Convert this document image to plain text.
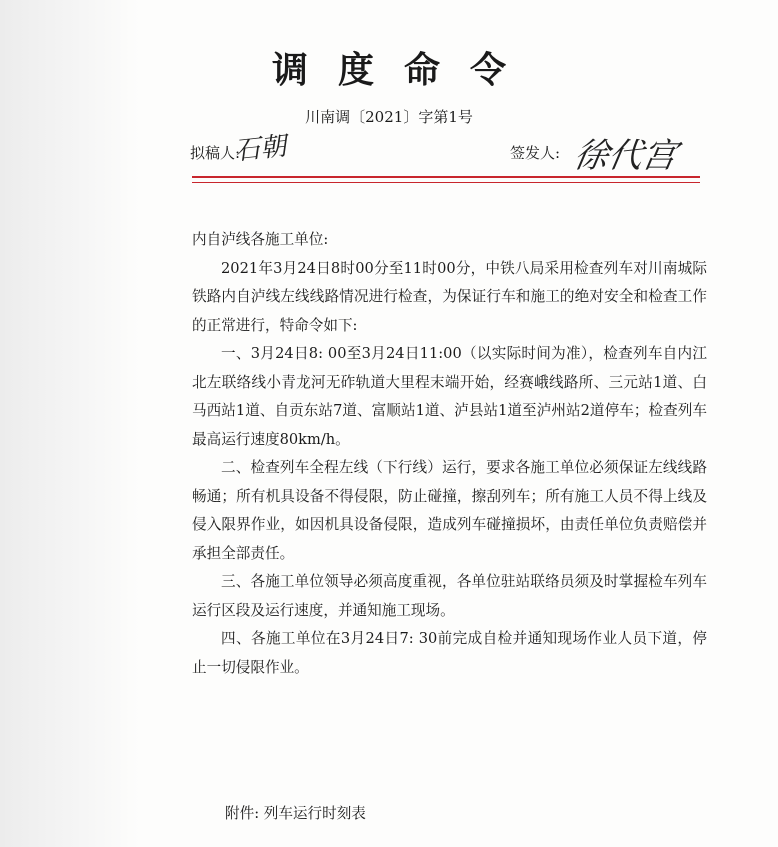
调度命令
川南调〔2021〕字第1号
拟稿人:
石朝	签发人: 徐代宫

内自泸线各施工单位:

2021年3月24日8时00分至11时00分，中铁八局采用检查列车对川南城际铁路内自泸线左线线路情况进行检查，为保证行车和施工的绝对安全和检查工作的正常进行，特命令如下:

一、3月24日8: 00至3月24日11:00（以实际时间为准），检查列车自内江北左联络线小青龙河无砟轨道大里程末端开始，经赛峨线路所、三元站1道、白马西站1道、自贡东站7道、富顺站1道、泸县站1道至泸州站2道停车；检查列车最高运行速度80km/h。

二、检查列车全程左线（下行线）运行，要求各施工单位必须保证左线线路畅通；所有机具设备不得侵限，防止碰撞，擦刮列车；所有施工人员不得上线及侵入限界作业，如因机具设备侵限，造成列车碰撞损坏，由责任单位负责赔偿并承担全部责任。

三、各施工单位领导必须高度重视，各单位驻站联络员须及时掌握检车列车运行区段及运行速度，并通知施工现场。

四、各施工单位在3月24日7: 30前完成自检并通知现场作业人员下道，停止一切侵限作业。

附件: 列车运行时刻表
